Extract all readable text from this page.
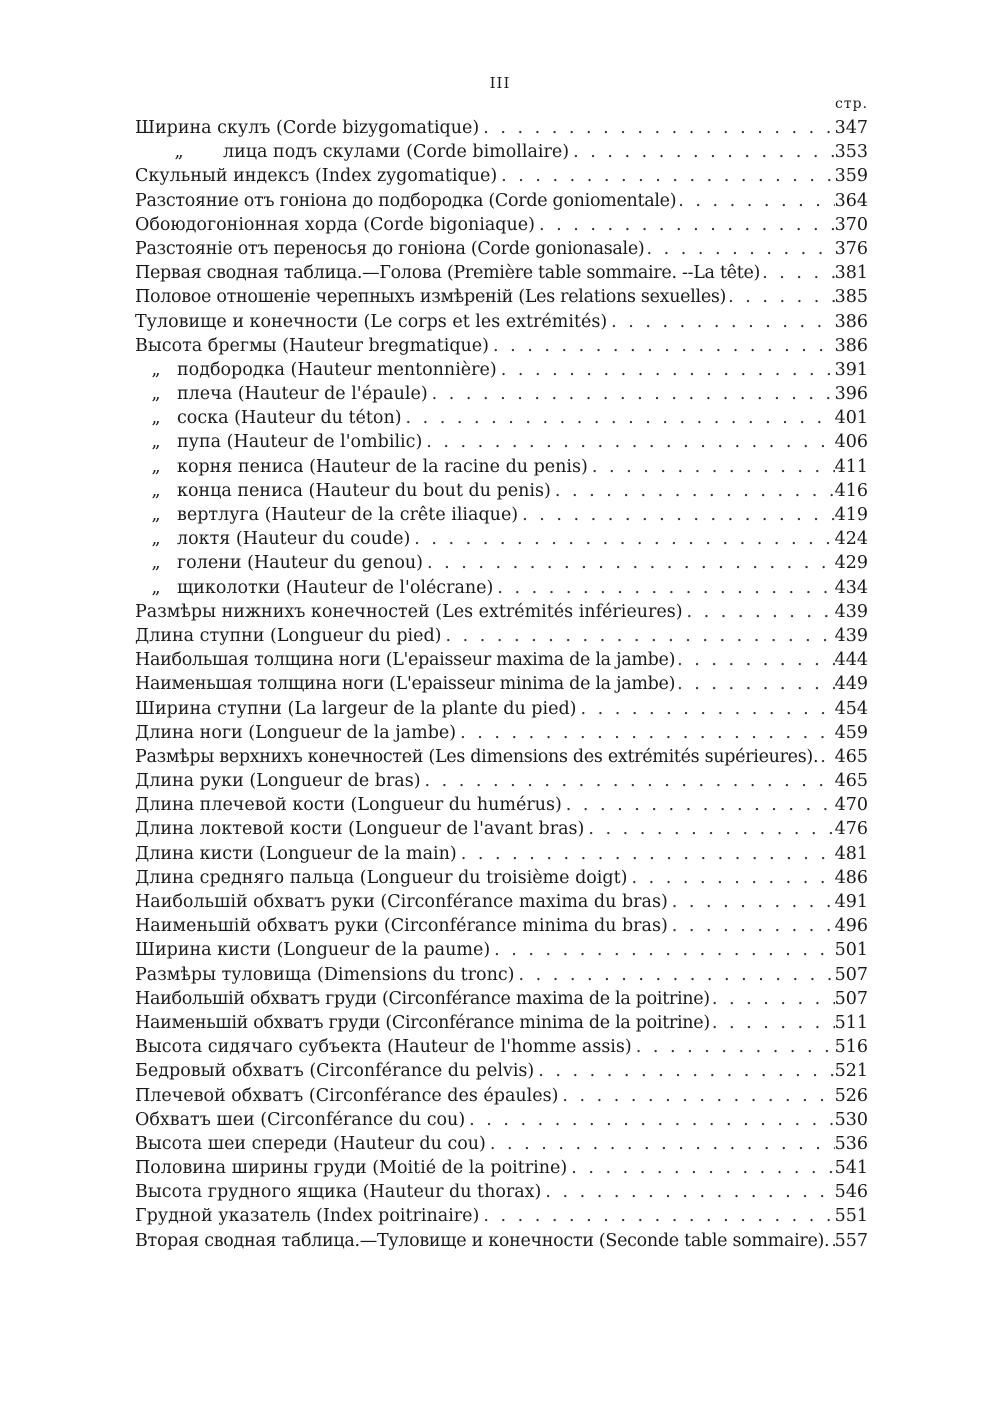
III
стр.
Ширина скулъ (Corde bizygomatique) . . .	347
„	лица подъ скулами (Corde bimollaire) . . .	353
Скульный индексъ (Index zygomatique) . . .	359
Разстояние отъ гоніона до подбородка (Corde goniomentale) . . .	364
Обоюдогоніонная хорда (Corde bigoniaque) . . .	370
Разстояніе отъ переносья до гоніона (Corde gonionasale) . . .	376
Первая сводная таблица.—Голова (Première table sommaire. --La tête) . . .	381
Половое отношеніе черепныхъ измѣреній (Les relations sexuelles) . . .	385
Туловище и конечности (Le corps et les extrémités) . . .	386
Высота брегмы (Hauteur bregmatique) . . .	386
„ подбородка (Hauteur mentonnière) . . .	391
„ плеча (Hauteur de l'épaule) . . .	396
„ соска (Hauteur du téton) . . .	401
„ пупа (Hauteur de l'ombilic) . . .	406
„ корня пениса (Hauteur de la racine du penis) . . .	411
„ конца пениса (Hauteur du bout du penis) . . .	416
„ вертлуга (Hauteur de la crête iliaque) . . .	419
„ локтя (Hauteur du coude) . . .	424
„ голени (Hauteur du genou) . . .	429
„ щиколотки (Hauteur de l'olécrane) . . .	434
Размѣры нижнихъ конечностей (Les extrémités inférieures) . . .	439
Длина ступни (Longueur du pied) . . .	439
Наибольшая толщина ноги (L'epaisseur maxima de la jambe) . . .	444
Наименьшая толщина ноги (L'epaisseur minima de la jambe) . . .	449
Ширина ступни (La largeur de la plante du pied) . . .	454
Длина ноги (Longueur de la jambe) . . .	459
Размѣры верхнихъ конечностей (Les dimensions des extrémités supérieures). . . . 465
Длина руки (Longueur de bras) . . .	465
Длина плечевой кости (Longueur du humérus) . . .	470
Длина локтевой кости (Longueur de l'avant bras) . . .	476
Длина кисти (Longueur de la main) . . .	481
Длина средняго пальца (Longueur du troisième doigt) . . .	486
Наибольшій обхватъ руки (Circonférance maxima du bras) . . .	491
Наименьшій обхватъ руки (Circonférance minima du bras) . . .	496
Ширина кисти (Longueur de la paume) . . .	501
Размѣры туловища (Dimensions du tronc) . . .	507
Наибольшій обхватъ груди (Circonférance maxima de la poitrine) . . .	507
Наименьшій обхватъ груди (Circonférance minima de la poitrine) . . .	511
Высота сидячаго субъекта (Hauteur de l'homme assis) . . .	516
Бедровый обхватъ (Circonférance du pelvis) . . .	521
Плечевой обхватъ (Circonférance des épaules) . . .	526
Обхватъ шеи (Circonférance du cou) . . .	530
Высота шеи спереди (Hauteur du cou) . . .	536
Половина ширины груди (Moitié de la poitrine) . . .	541
Высота грудного ящика (Hauteur du thorax) . . .	546
Грудной указатель (Index poitrinaire) . . .	551
Вторая сводная таблица.—Туловище и конечности (Seconde table sommaire). . . . 557
